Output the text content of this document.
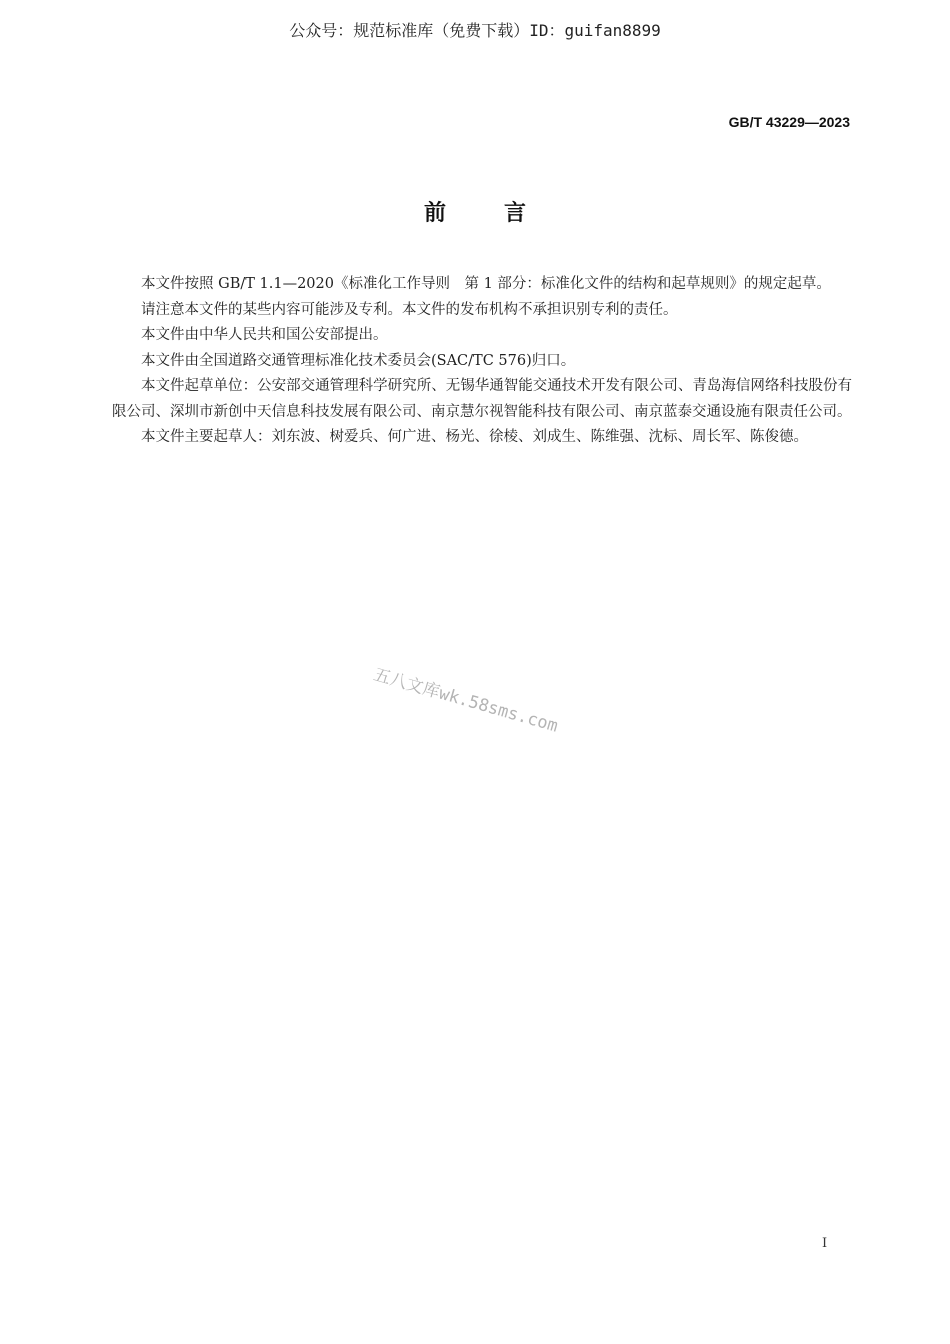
公众号：规范标准库（免费下载）ID：guifan8899
GB/T 43229—2023
前言

本文件按照 GB/T 1.1—2020《标准化工作导则　第 1 部分：标准化文件的结构和起草规则》的规定起草。

请注意本文件的某些内容可能涉及专利。本文件的发布机构不承担识别专利的责任。

本文件由中华人民共和国公安部提出。

本文件由全国道路交通管理标准化技术委员会(SAC/TC 576)归口。

本文件起草单位：公安部交通管理科学研究所、无锡华通智能交通技术开发有限公司、青岛海信网络科技股份有限公司、深圳市新创中天信息科技发展有限公司、南京慧尔视智能科技有限公司、南京蓝泰交通设施有限责任公司。

本文件主要起草人：刘东波、树爱兵、何广进、杨光、徐棱、刘成生、陈维强、沈标、周长军、陈俊德。

五八文库wk.58sms.com
I
